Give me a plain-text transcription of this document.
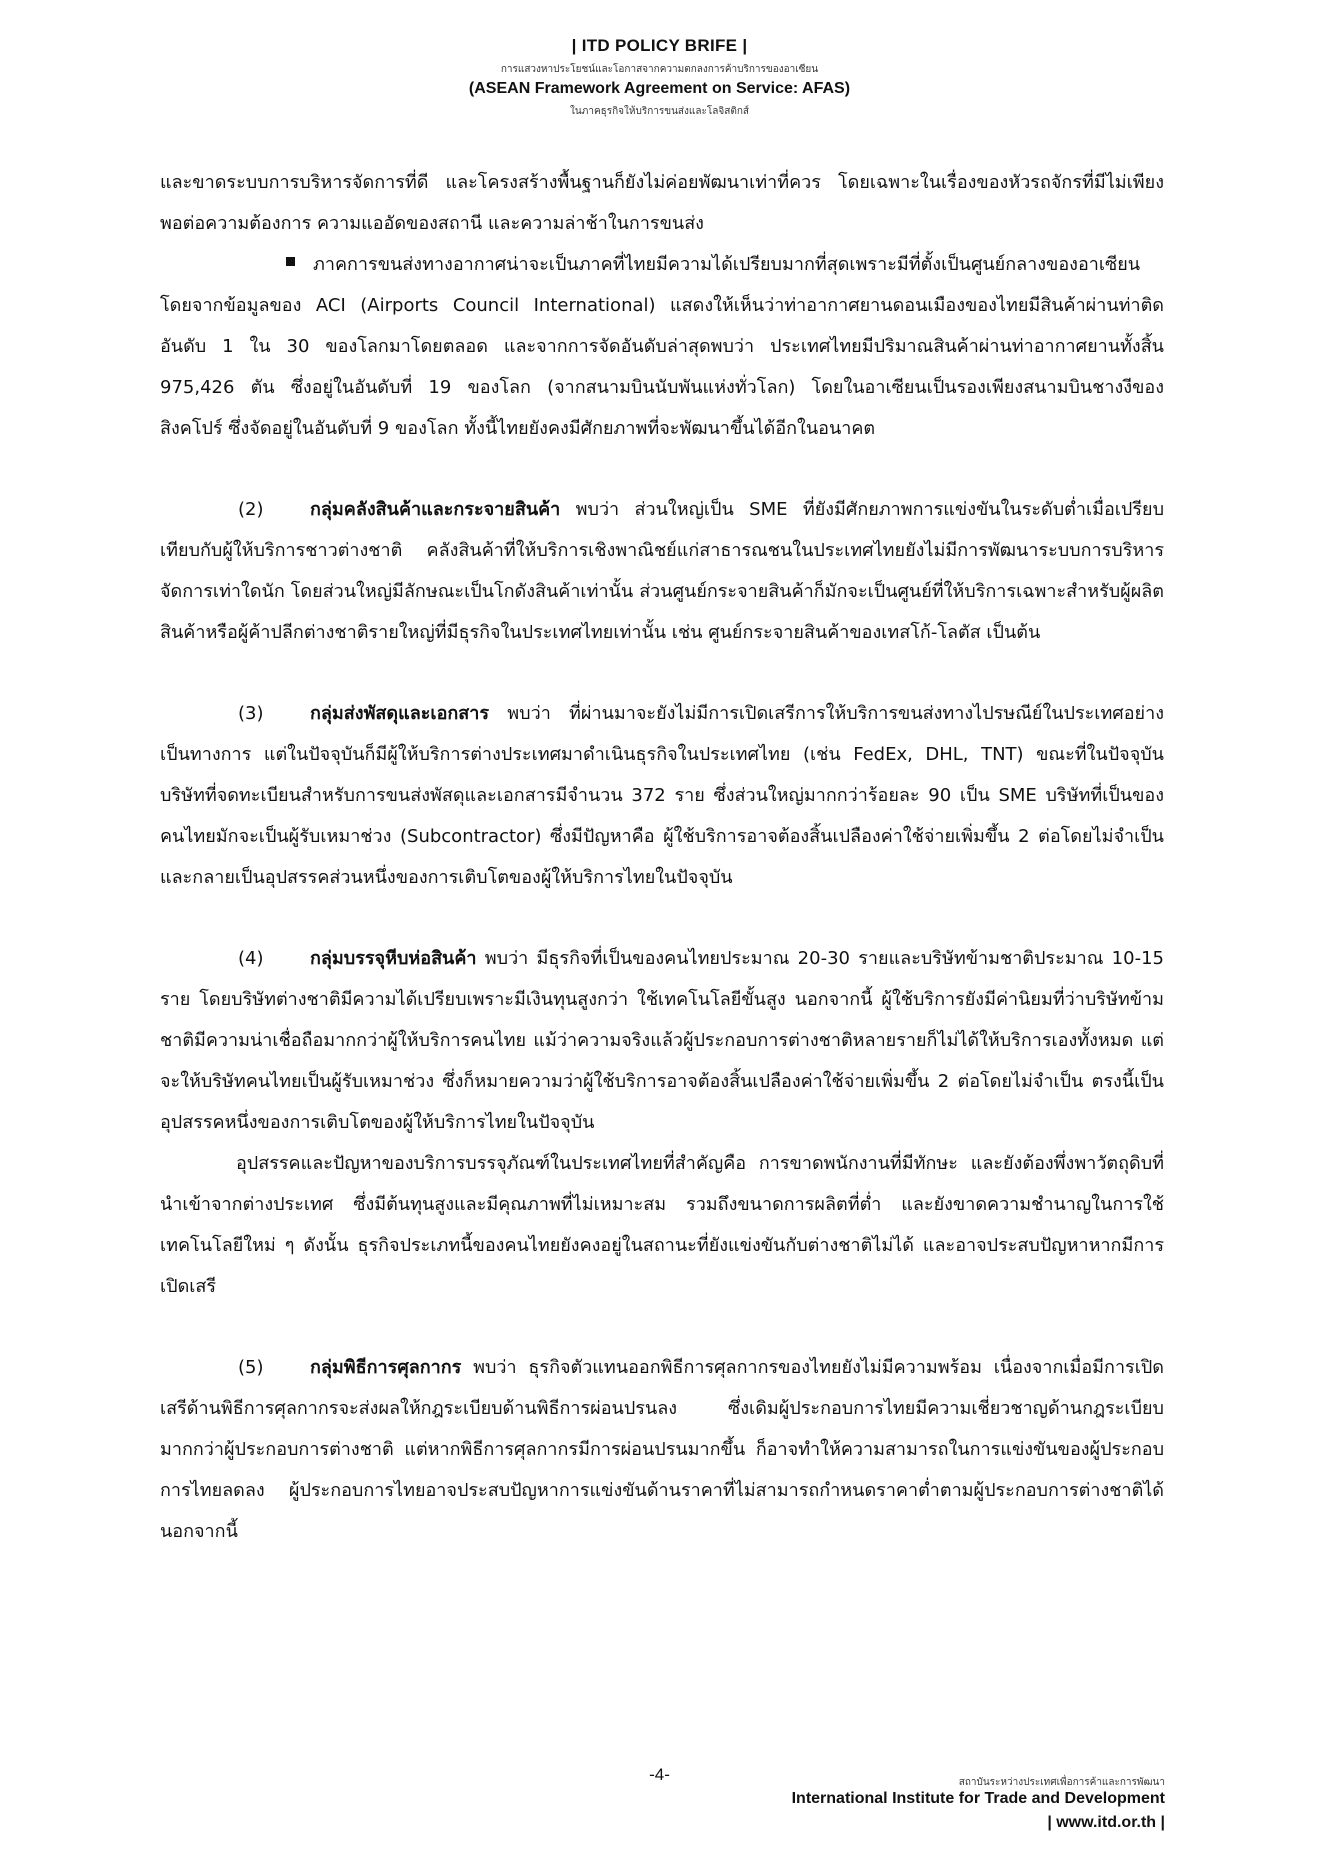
| ITD POLICY BRIFE |
การแสวงหาประโยชน์และโอกาสจากความตกลงการค้าบริการของอาเซียน
(ASEAN Framework Agreement on Service: AFAS)
ในภาคธุรกิจให้บริการขนส่งและโลจิสติกส์

และขาดระบบการบริหารจัดการที่ดี และโครงสร้างพื้นฐานก็ยังไม่ค่อยพัฒนาเท่าที่ควร โดยเฉพาะในเรื่องของหัวรถจักรที่มีไม่เพียงพอต่อความต้องการ ความแออัดของสถานี และความล่าช้าในการขนส่ง

ภาคการขนส่งทางอากาศน่าจะเป็นภาคที่ไทยมีความได้เปรียบมากที่สุดเพราะมีที่ตั้งเป็นศูนย์กลางของอาเซียน โดยจากข้อมูลของ ACI (Airports Council International) แสดงให้เห็นว่าท่าอากาศยานดอนเมืองของไทยมีสินค้าผ่านท่าติดอันดับ 1 ใน 30 ของโลกมาโดยตลอด และจากการจัดอันดับล่าสุดพบว่า ประเทศไทยมีปริมาณสินค้าผ่านท่าอากาศยานทั้งสิ้น 975,426 ตัน ซึ่งอยู่ในอันดับที่ 19 ของโลก (จากสนามบินนับพันแห่งทั่วโลก) โดยในอาเซียนเป็นรองเพียงสนามบินชางงีของสิงคโปร์ ซึ่งจัดอยู่ในอันดับที่ 9 ของโลก ทั้งนี้ไทยยังคงมีศักยภาพที่จะพัฒนาขึ้นได้อีกในอนาคต

(2)	กลุ่มคลังสินค้าและกระจายสินค้า พบว่า ส่วนใหญ่เป็น SME ที่ยังมีศักยภาพการแข่งขันในระดับต่ำเมื่อเปรียบเทียบกับผู้ให้บริการชาวต่างชาติ คลังสินค้าที่ให้บริการเชิงพาณิชย์แก่สาธารณชนในประเทศไทยยังไม่มีการพัฒนาระบบการบริหารจัดการเท่าใดนัก โดยส่วนใหญ่มีลักษณะเป็นโกดังสินค้าเท่านั้น ส่วนศูนย์กระจายสินค้าก็มักจะเป็นศูนย์ที่ให้บริการเฉพาะสำหรับผู้ผลิตสินค้าหรือผู้ค้าปลีกต่างชาติรายใหญ่ที่มีธุรกิจในประเทศไทยเท่านั้น เช่น ศูนย์กระจายสินค้าของเทสโก้-โลตัส เป็นต้น

(3)	กลุ่มส่งพัสดุและเอกสาร พบว่า ที่ผ่านมาจะยังไม่มีการเปิดเสรีการให้บริการขนส่งทางไปรษณีย์ในประเทศอย่างเป็นทางการ แต่ในปัจจุบันก็มีผู้ให้บริการต่างประเทศมาดำเนินธุรกิจในประเทศไทย (เช่น FedEx, DHL, TNT) ขณะที่ในปัจจุบันบริษัทที่จดทะเบียนสำหรับการขนส่งพัสดุและเอกสารมีจำนวน 372 ราย ซึ่งส่วนใหญ่มากกว่าร้อยละ 90 เป็น SME บริษัทที่เป็นของคนไทยมักจะเป็นผู้รับเหมาช่วง (Subcontractor) ซึ่งมีปัญหาคือ ผู้ใช้บริการอาจต้องสิ้นเปลืองค่าใช้จ่ายเพิ่มขึ้น 2 ต่อโดยไม่จำเป็น และกลายเป็นอุปสรรคส่วนหนึ่งของการเติบโตของผู้ให้บริการไทยในปัจจุบัน

(4)	กลุ่มบรรจุหีบห่อสินค้า พบว่า มีธุรกิจที่เป็นของคนไทยประมาณ 20-30 รายและบริษัทข้ามชาติประมาณ 10-15 ราย โดยบริษัทต่างชาติมีความได้เปรียบเพราะมีเงินทุนสูงกว่า ใช้เทคโนโลยีขั้นสูง นอกจากนี้ ผู้ใช้บริการยังมีค่านิยมที่ว่าบริษัทข้ามชาติมีความน่าเชื่อถือมากกว่าผู้ให้บริการคนไทย แม้ว่าความจริงแล้วผู้ประกอบการต่างชาติหลายรายก็ไม่ได้ให้บริการเองทั้งหมด แต่จะให้บริษัทคนไทยเป็นผู้รับเหมาช่วง ซึ่งก็หมายความว่าผู้ใช้บริการอาจต้องสิ้นเปลืองค่าใช้จ่ายเพิ่มขึ้น 2 ต่อโดยไม่จำเป็น ตรงนี้เป็นอุปสรรคหนึ่งของการเติบโตของผู้ให้บริการไทยในปัจจุบัน

อุปสรรคและปัญหาของบริการบรรจุภัณฑ์ในประเทศไทยที่สำคัญคือ การขาดพนักงานที่มีทักษะ และยังต้องพึ่งพาวัตถุดิบที่นำเข้าจากต่างประเทศ ซึ่งมีต้นทุนสูงและมีคุณภาพที่ไม่เหมาะสม รวมถึงขนาดการผลิตที่ต่ำ และยังขาดความชำนาญในการใช้เทคโนโลยีใหม่ ๆ ดังนั้น ธุรกิจประเภทนี้ของคนไทยยังคงอยู่ในสถานะที่ยังแข่งขันกับต่างชาติไม่ได้ และอาจประสบปัญหาหากมีการเปิดเสรี

(5)	กลุ่มพิธีการศุลกากร พบว่า ธุรกิจตัวแทนออกพิธีการศุลกากรของไทยยังไม่มีความพร้อม เนื่องจากเมื่อมีการเปิดเสรีด้านพิธีการศุลกากรจะส่งผลให้กฎระเบียบด้านพิธีการผ่อนปรนลง ซึ่งเดิมผู้ประกอบการไทยมีความเชี่ยวชาญด้านกฎระเบียบมากกว่าผู้ประกอบการต่างชาติ แต่หากพิธีการศุลกากรมีการผ่อนปรนมากขึ้น ก็อาจทำให้ความสามารถในการแข่งขันของผู้ประกอบการไทยลดลง ผู้ประกอบการไทยอาจประสบปัญหาการแข่งขันด้านราคาที่ไม่สามารถกำหนดราคาต่ำตามผู้ประกอบการต่างชาติได้ นอกจากนี้

-4-	สถาบันระหว่างประเทศเพื่อการค้าและการพัฒนา
International Institute for Trade and Development
| www.itd.or.th |
